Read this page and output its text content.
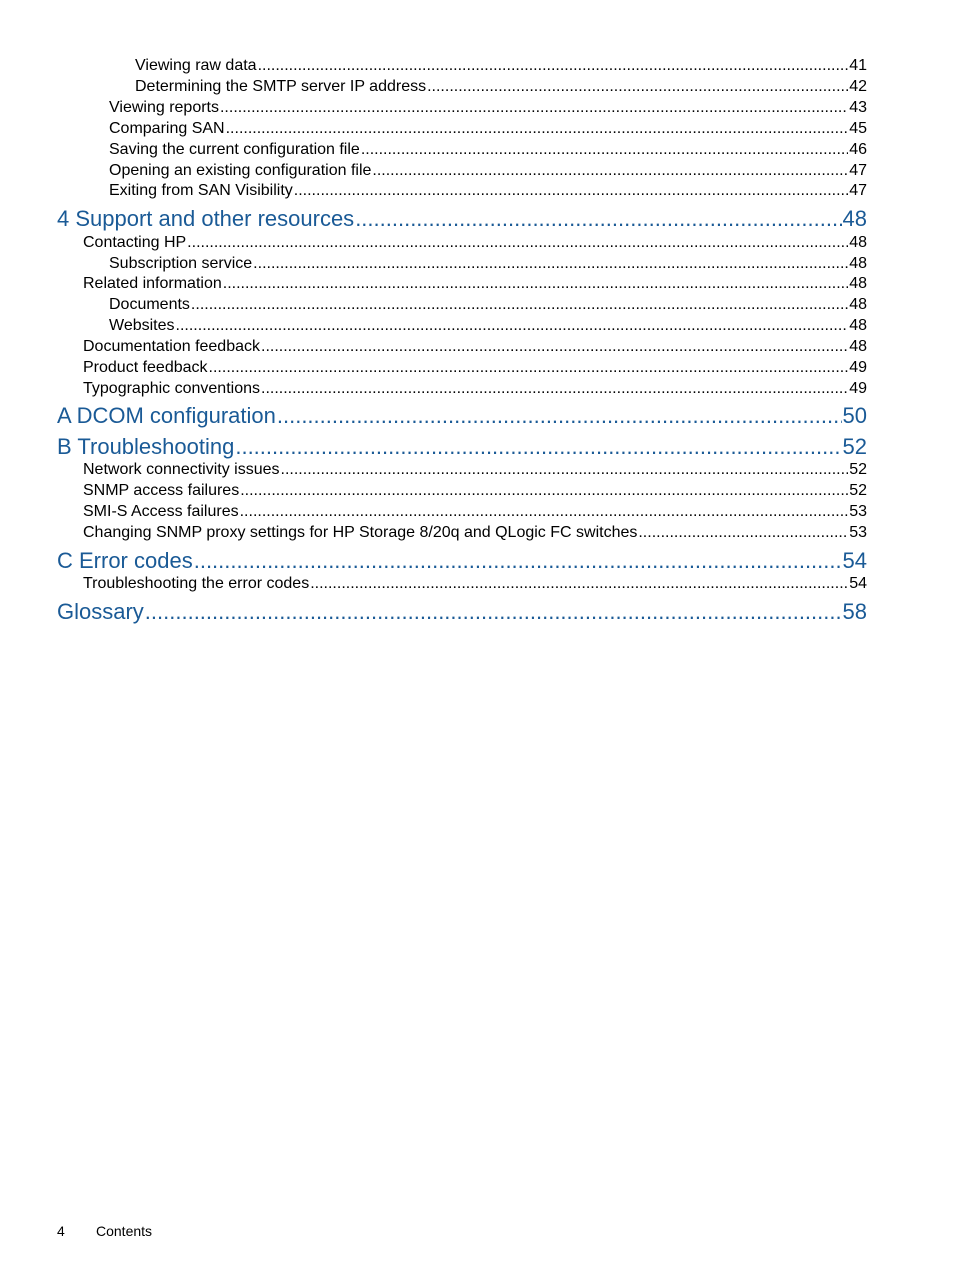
Viewing raw data .....	41
Determining the SMTP server IP address .....	42
Viewing reports .....	43
Comparing SAN .....	45
Saving the current configuration file .....	46
Opening an existing configuration file .....	47
Exiting from SAN Visibility .....	47
4 Support and other resources .....	48
Contacting HP .....	48
Subscription service .....	48
Related information .....	48
Documents .....	48
Websites .....	48
Documentation feedback .....	48
Product feedback .....	49
Typographic conventions .....	49
A DCOM configuration .....	50
B Troubleshooting .....	52
Network connectivity issues .....	52
SNMP access failures .....	52
SMI-S Access failures .....	53
Changing SNMP proxy settings for HP Storage 8/20q and QLogic FC switches .....	53
C Error codes .....	54
Troubleshooting the error codes .....	54
Glossary .....	58
4 Contents
